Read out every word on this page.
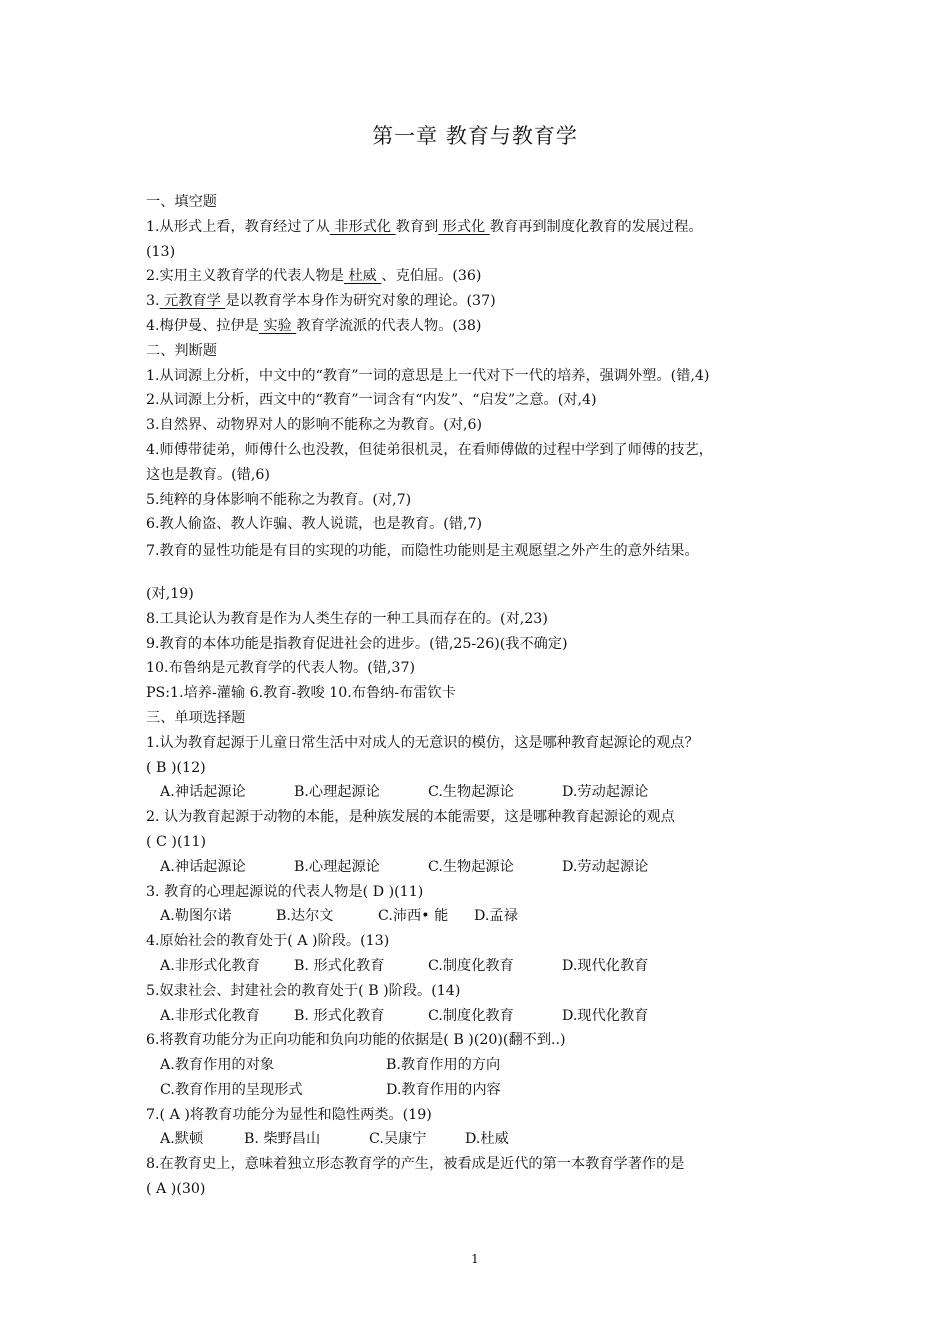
第一章 教育与教育学
一、填空题
1.从形式上看，教育经过了从 非形式化 教育到 形式化 教育再到制度化教育的发展过程。
(13)
2.实用主义教育学的代表人物是 杜威 、克伯屈。(36)
3. 元教育学 是以教育学本身作为研究对象的理论。(37)
4.梅伊曼、拉伊是 实验 教育学流派的代表人物。(38)
二、判断题
1.从词源上分析，中文中的“教育”一词的意思是上一代对下一代的培养，强调外塑。(错,4)
2.从词源上分析，西文中的“教育”一词含有“内发”、“启发”之意。(对,4)
3.自然界、动物界对人的影响不能称之为教育。(对,6)
4.师傅带徒弟，师傅什么也没教，但徒弟很机灵，在看师傅做的过程中学到了师傅的技艺，
这也是教育。(错,6)
5.纯粹的身体影响不能称之为教育。(对,7)
6.教人偷盗、教人诈骗、教人说谎，也是教育。(错,7)
7.教育的显性功能是有目的实现的功能，而隐性功能则是主观愿望之外产生的意外结果。
(对,19)
8.工具论认为教育是作为人类生存的一种工具而存在的。(对,23)
9.教育的本体功能是指教育促进社会的进步。(错,25-26)(我不确定)
10.布鲁纳是元教育学的代表人物。(错,37)
PS:1.培养-灌输 6.教育-教唆 10.布鲁纳-布雷钦卡
三、单项选择题
1.认为教育起源于儿童日常生活中对成人的无意识的模仿，这是哪种教育起源论的观点？
( B )(12)
A.神话起源论	B.心理起源论	C.生物起源论	D.劳动起源论
2. 认为教育起源于动物的本能，是种族发展的本能需要，这是哪种教育起源论的观点
( C )(11)
A.神话起源论	B.心理起源论	C.生物起源论	D.劳动起源论
3. 教育的心理起源说的代表人物是( D )(11)
A.勒图尔诺	B.达尔文	C.沛西• 能 D.孟禄
4.原始社会的教育处于( A )阶段。(13)
A.非形式化教育 B. 形式化教育	C.制度化教育	D.现代化教育
5.奴隶社会、封建社会的教育处于( B )阶段。(14)
A.非形式化教育 B. 形式化教育	C.制度化教育	D.现代化教育
6.将教育功能分为正向功能和负向功能的依据是( B )(20)(翻不到..)
A.教育作用的对象	B.教育作用的方向
C.教育作用的呈现形式	D.教育作用的内容
7.( A )将教育功能分为显性和隐性两类。(19)
A.默顿	B. 柴野昌山	C.吴康宁	D.杜威
8.在教育史上，意味着独立形态教育学的产生，被看成是近代的第一本教育学著作的是
( A )(30)
1
